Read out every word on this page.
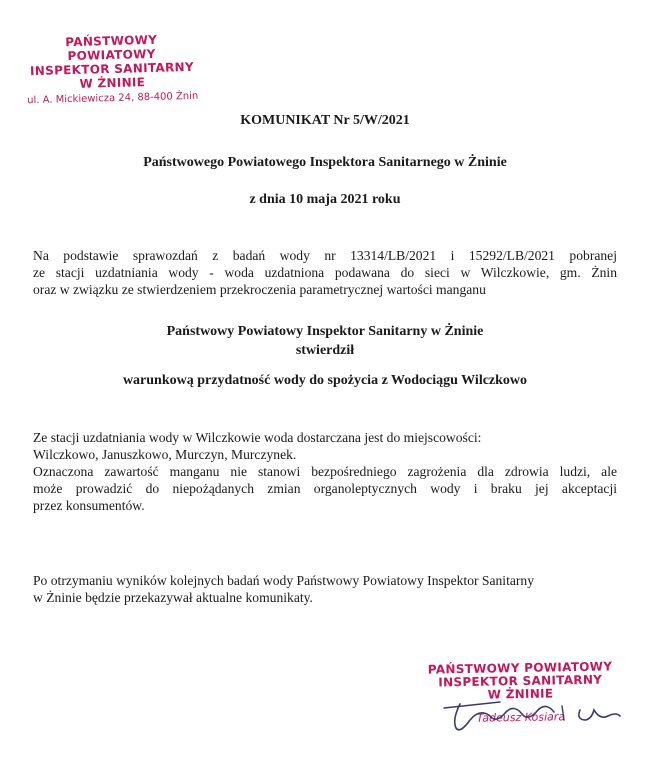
PAŃSTWOWY POWIATOWY
INSPEKTOR SANITARNY
W ŻNINIE
ul. A. Mickiewicza 24, 88-400 Żnin
KOMUNIKAT Nr 5/W/2021
Państwowego Powiatowego Inspektora Sanitarnego w Żninie
z dnia 10 maja 2021 roku
Na podstawie sprawozdań z badań wody nr 13314/LB/2021 i 15292/LB/2021 pobranej
ze stacji uzdatniania wody - woda uzdatniona podawana do sieci w Wilczkowie, gm. Żnin
oraz w związku ze stwierdzeniem przekroczenia parametrycznej wartości manganu
Państwowy Powiatowy Inspektor Sanitarny w Żninie
stwierdził
warunkową przydatność wody do spożycia z Wodociągu Wilczkowo
Ze stacji uzdatniania wody w Wilczkowie woda dostarczana jest do miejscowości:
Wilczkowo, Januszkowo, Murczyn, Murczynek.
Oznaczona zawartość manganu nie stanowi bezpośredniego zagrożenia dla zdrowia ludzi, ale
może prowadzić do niepożądanych zmian organoleptycznych wody i braku jej akceptacji
przez konsumentów.
Po otrzymaniu wyników kolejnych badań wody Państwowy Powiatowy Inspektor Sanitarny
w Żninie będzie przekazywał aktualne komunikaty.
PAŃSTWOWY POWIATOWY
INSPEKTOR SANITARNY
W ŻNINIE
Tadeusz Kosiara
